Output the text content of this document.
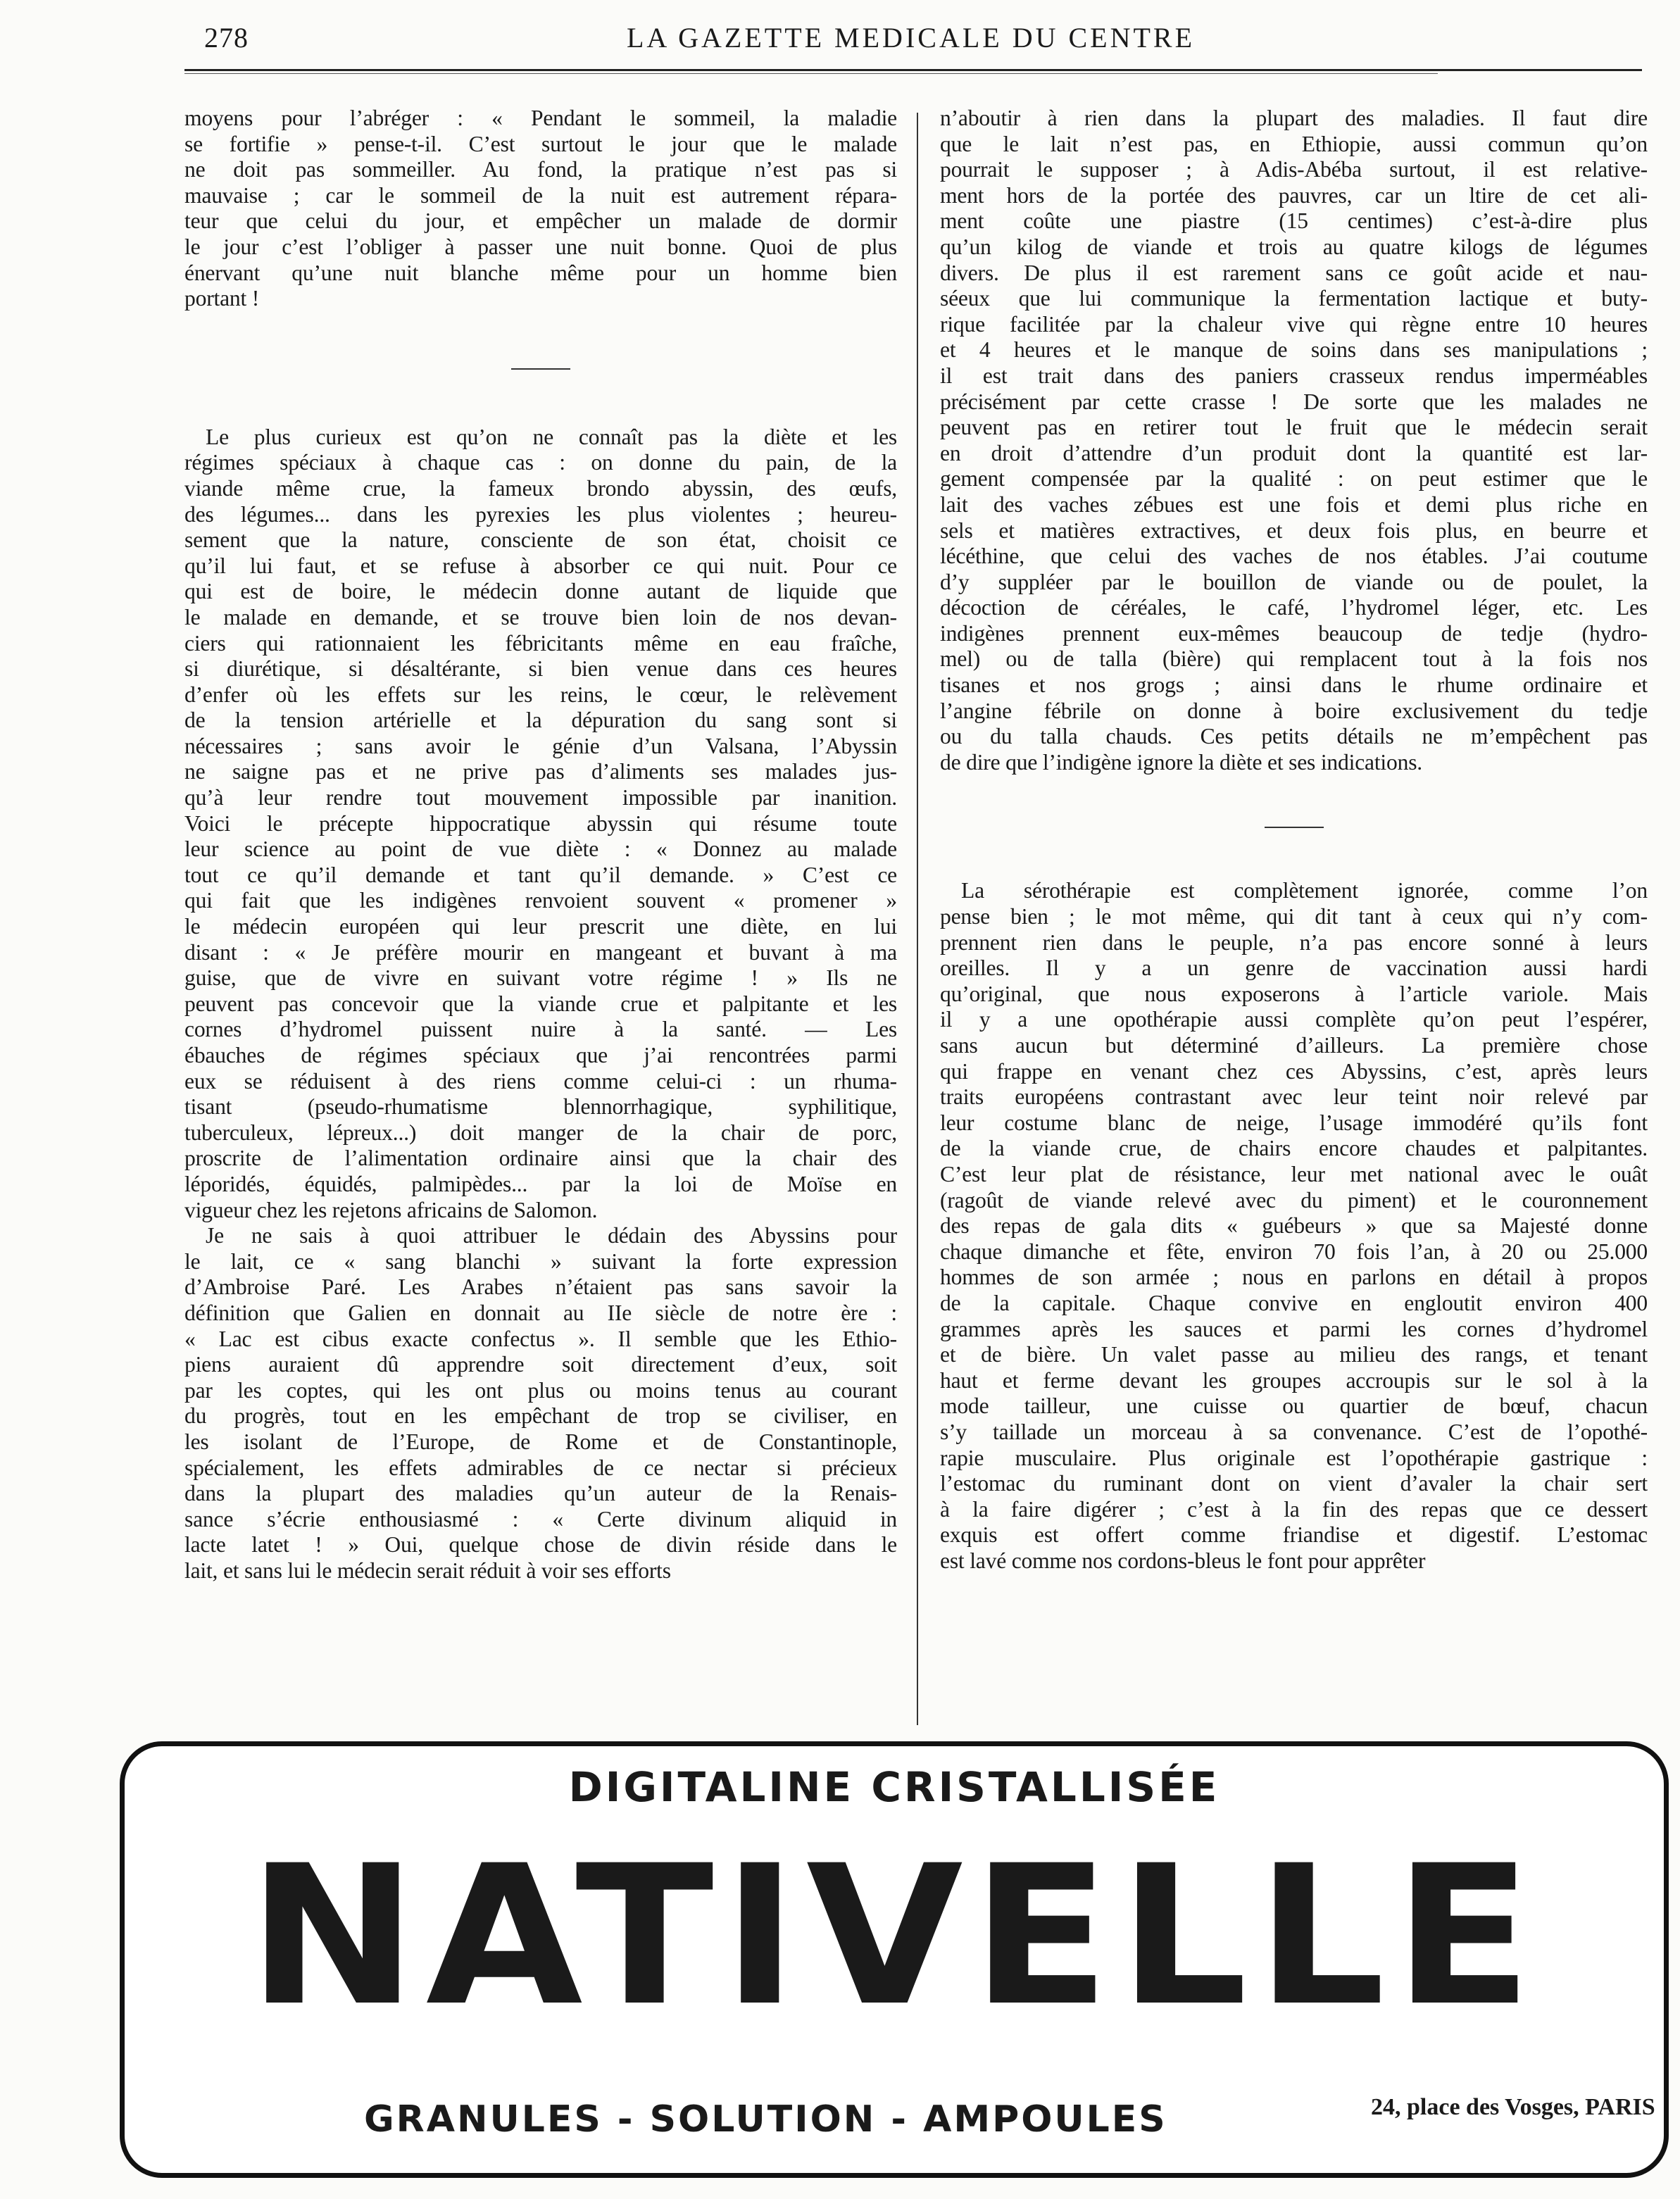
278	LA GAZETTE MEDICALE DU CENTRE
moyens pour l’abréger : « Pendant le sommeil, la maladie
se fortifie » pense-t-il. C’est surtout le jour que le malade
ne doit pas sommeiller. Au fond, la pratique n’est pas si
mauvaise ; car le sommeil de la nuit est autrement répara-
teur que celui du jour, et empêcher un malade de dormir
le jour c’est l’obliger à passer une nuit bonne. Quoi de plus
énervant qu’une nuit blanche même pour un homme bien
portant !
Le plus curieux est qu’on ne connaît pas la diète et les
régimes spéciaux à chaque cas : on donne du pain, de la
viande même crue, la fameux brondo abyssin, des œufs,
des légumes... dans les pyrexies les plus violentes ; heureu-
sement que la nature, consciente de son état, choisit ce
qu’il lui faut, et se refuse à absorber ce qui nuit. Pour ce
qui est de boire, le médecin donne autant de liquide que
le malade en demande, et se trouve bien loin de nos devan-
ciers qui rationnaient les fébricitants même en eau fraîche,
si diurétique, si désaltérante, si bien venue dans ces heures
d’enfer où les effets sur les reins, le cœur, le relèvement
de la tension artérielle et la dépuration du sang sont si
nécessaires ; sans avoir le génie d’un Valsana, l’Abyssin
ne saigne pas et ne prive pas d’aliments ses malades jus-
qu’à leur rendre tout mouvement impossible par inanition.
Voici le précepte hippocratique abyssin qui résume toute
leur science au point de vue diète : « Donnez au malade
tout ce qu’il demande et tant qu’il demande. » C’est ce
qui fait que les indigènes renvoient souvent « promener »
le médecin européen qui leur prescrit une diète, en lui
disant : « Je préfère mourir en mangeant et buvant à ma
guise, que de vivre en suivant votre régime ! » Ils ne
peuvent pas concevoir que la viande crue et palpitante et les
cornes d’hydromel puissent nuire à la santé. — Les
ébauches de régimes spéciaux que j’ai rencontrées parmi
eux se réduisent à des riens comme celui-ci : un rhuma-
tisant (pseudo-rhumatisme blennorrhagique, syphilitique,
tuberculeux, lépreux...) doit manger de la chair de porc,
proscrite de l’alimentation ordinaire ainsi que la chair des
léporidés, équidés, palmipèdes... par la loi de Moïse en
vigueur chez les rejetons africains de Salomon.
Je ne sais à quoi attribuer le dédain des Abyssins pour
le lait, ce « sang blanchi » suivant la forte expression
d’Ambroise Paré. Les Arabes n’étaient pas sans savoir la
définition que Galien en donnait au IIe siècle de notre ère :
« Lac est cibus exacte confectus ». Il semble que les Ethio-
piens auraient dû apprendre soit directement d’eux, soit
par les coptes, qui les ont plus ou moins tenus au courant
du progrès, tout en les empêchant de trop se civiliser, en
les isolant de l’Europe, de Rome et de Constantinople,
spécialement, les effets admirables de ce nectar si précieux
dans la plupart des maladies qu’un auteur de la Renais-
sance s’écrie enthousiasmé : « Certe divinum aliquid in
lacte latet ! » Oui, quelque chose de divin réside dans le
lait, et sans lui le médecin serait réduit à voir ses efforts
n’aboutir à rien dans la plupart des maladies. Il faut dire
que le lait n’est pas, en Ethiopie, aussi commun qu’on
pourrait le supposer ; à Adis-Abéba surtout, il est relative-
ment hors de la portée des pauvres, car un ltire de cet ali-
ment coûte une piastre (15 centimes) c’est-à-dire plus
qu’un kilog de viande et trois au quatre kilogs de légumes
divers. De plus il est rarement sans ce goût acide et nau-
séeux que lui communique la fermentation lactique et buty-
rique facilitée par la chaleur vive qui règne entre 10 heures
et 4 heures et le manque de soins dans ses manipulations ;
il est trait dans des paniers crasseux rendus imperméables
précisément par cette crasse ! De sorte que les malades ne
peuvent pas en retirer tout le fruit que le médecin serait
en droit d’attendre d’un produit dont la quantité est lar-
gement compensée par la qualité : on peut estimer que le
lait des vaches zébues est une fois et demi plus riche en
sels et matières extractives, et deux fois plus, en beurre et
lécéthine, que celui des vaches de nos étables. J’ai coutume
d’y suppléer par le bouillon de viande ou de poulet, la
décoction de céréales, le café, l’hydromel léger, etc. Les
indigènes prennent eux-mêmes beaucoup de tedje (hydro-
mel) ou de talla (bière) qui remplacent tout à la fois nos
tisanes et nos grogs ; ainsi dans le rhume ordinaire et
l’angine fébrile on donne à boire exclusivement du tedje
ou du talla chauds. Ces petits détails ne m’empêchent pas
de dire que l’indigène ignore la diète et ses indications.
La sérothérapie est complètement ignorée, comme l’on
pense bien ; le mot même, qui dit tant à ceux qui n’y com-
prennent rien dans le peuple, n’a pas encore sonné à leurs
oreilles. Il y a un genre de vaccination aussi hardi
qu’original, que nous exposerons à l’article variole. Mais
il y a une opothérapie aussi complète qu’on peut l’espérer,
sans aucun but déterminé d’ailleurs. La première chose
qui frappe en venant chez ces Abyssins, c’est, après leurs
traits européens contrastant avec leur teint noir relevé par
leur costume blanc de neige, l’usage immodéré qu’ils font
de la viande crue, de chairs encore chaudes et palpitantes.
C’est leur plat de résistance, leur met national avec le ouât
(ragoût de viande relevé avec du piment) et le couronnement
des repas de gala dits « guébeurs » que sa Majesté donne
chaque dimanche et fête, environ 70 fois l’an, à 20 ou 25.000
hommes de son armée ; nous en parlons en détail à propos
de la capitale. Chaque convive en engloutit environ 400
grammes après les sauces et parmi les cornes d’hydromel
et de bière. Un valet passe au milieu des rangs, et tenant
haut et ferme devant les groupes accroupis sur le sol à la
mode tailleur, une cuisse ou quartier de bœuf, chacun
s’y taillade un morceau à sa convenance. C’est de l’opothé-
rapie musculaire. Plus originale est l’opothérapie gastrique :
l’estomac du ruminant dont on vient d’avaler la chair sert
à la faire digérer ; c’est à la fin des repas que ce dessert
exquis est offert comme friandise et digestif. L’estomac
est lavé comme nos cordons-bleus le font pour apprêter
DIGITALINE CRISTALLISÉE
NATIVELLE
GRANULES - SOLUTION - AMPOULES	24, place des Vosges, PARIS
